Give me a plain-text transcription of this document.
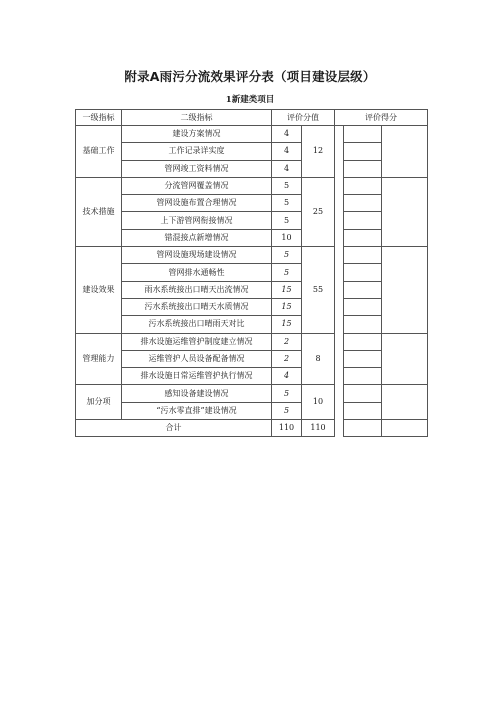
附录A雨污分流效果评分表（项目建设层级）
1新建类项目
一级指标	二级指标	评价分值		评价得分		
基础工作	建设方案情况	4	12			
	工作记录详实度	4				
	管网竣工资料情况	4				
技术措施	分流管网覆盖情况	5	25			
	管网设施布置合理情况	5				
	上下游管网衔接情况	5				
	错混接点新增情况	10				
建设效果	管网设施现场建设情况	5	55			
	管网排水通畅性	5				
	雨水系统接出口晴天出流情况	15				
	污水系统接出口晴天水质情况	15				
	污水系统接出口晴雨天对比	15				
管理能力	排水设施运维管护制度建立情况	2	8			
	运维管护人员设备配备情况	2				
	排水设施日常运维管护执行情况	4				
加分项	感知设备建设情况	5	10			
	“污水零直排”建设情况	5				
合计		110	110			
